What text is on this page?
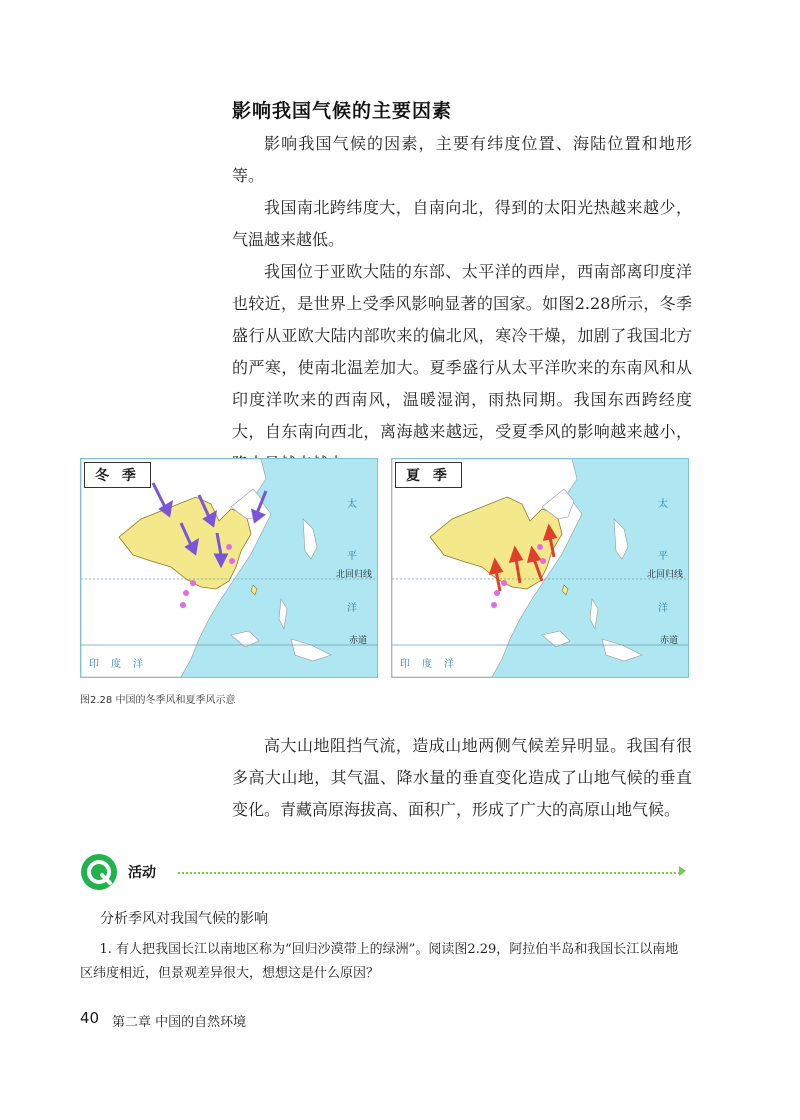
影响我国气候的主要因素

影响我国气候的因素，主要有纬度位置、海陆位置和地形等。

我国南北跨纬度大，自南向北，得到的太阳光热越来越少，气温越来越低。

我国位于亚欧大陆的东部、太平洋的西岸，西南部离印度洋也较近，是世界上受季风影响显著的国家。如图2.28所示，冬季盛行从亚欧大陆内部吹来的偏北风，寒冷干燥，加剧了我国北方的严寒，使南北温差加大。夏季盛行从太平洋吹来的东南风和从印度洋吹来的西南风，温暖湿润，雨热同期。我国东西跨经度大，自东南向西北，离海越来越远，受夏季风的影响越来越小，

冬 季
北回归线
赤道
太
平
洋
印 度 洋
夏 季
北回归线
赤道
太
平
洋
印 度 洋
图2.28 中国的冬季风和夏季风示意

高大山地阻挡气流，造成山地两侧气候差异明显。我国有很多高大山地，其气温、降水量的垂直变化造成了山地气候的垂直变化。青藏高原海拔高、面积广，形成了广大的高原山地气候。

活动
分析季风对我国气候的影响
1. 有人把我国长江以南地区称为“回归沙漠带上的绿洲”。阅读图2.29，阿拉伯半岛和我国长江以南地区纬度相近，但景观差异很大，想想这是什么原因？
40 第二章 中国的自然环境
